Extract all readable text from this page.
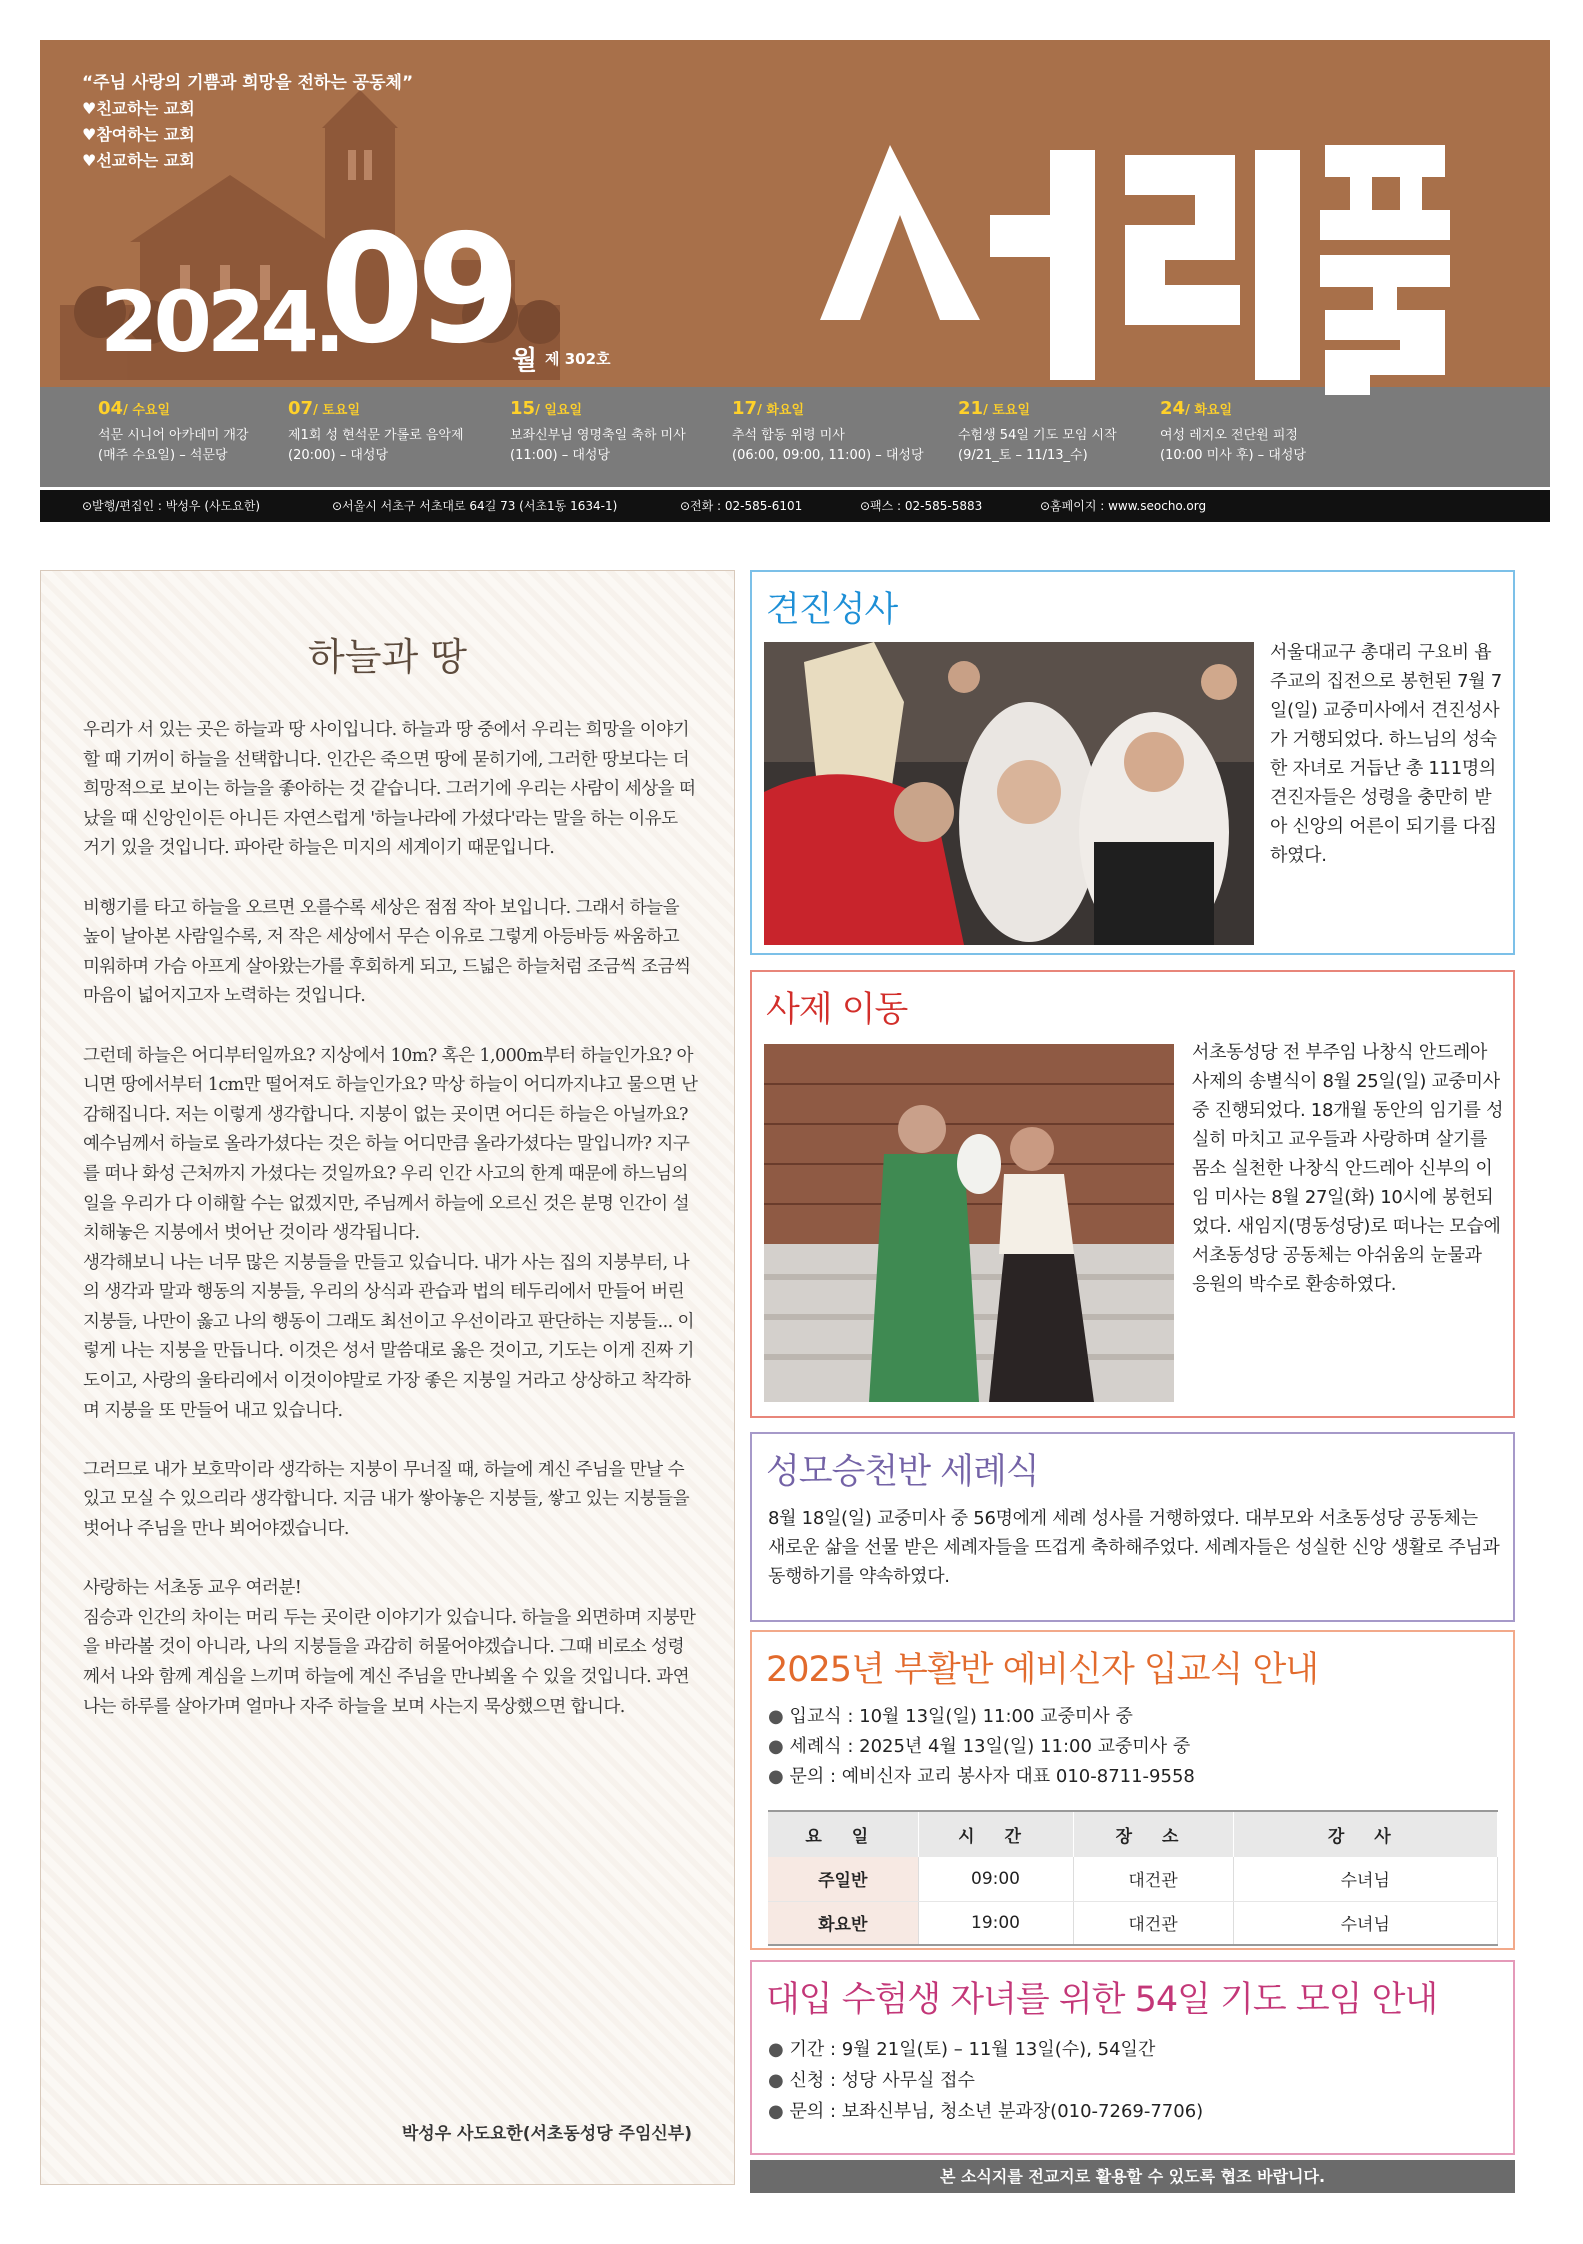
“주님 사랑의 기쁨과 희망을 전하는 공동체”
♥친교하는 교회
♥참여하는 교회
♥선교하는 교회
2024.
09 월 제 302호
04/ 수요일
석문 시니어 아카데미 개강
(매주 수요일) – 석문당
07/ 토요일
제1회 성 현석문 가롤로 음악제
(20:00) – 대성당
15/ 일요일
보좌신부님 영명축일 축하 미사
(11:00) – 대성당
17/ 화요일
추석 합동 위령 미사
(06:00, 09:00, 11:00) – 대성당
21/ 토요일
수험생 54일 기도 모임 시작
(9/21_토 – 11/13_수)
24/ 화요일
여성 레지오 전단원 피정
(10:00 미사 후) – 대성당
⊙발행/편집인 : 박성우 (사도요한)	⊙서울시 서초구 서초대로 64길 73 (서초1동 1634-1)	⊙전화 : 02-585-6101	⊙팩스 : 02-585-5883	⊙홈페이지 : www.seocho.org
하늘과 땅

우리가 서 있는 곳은 하늘과 땅 사이입니다. 하늘과 땅 중에서 우리는 희망을 이야기할 때 기꺼이 하늘을 선택합니다. 인간은 죽으면 땅에 묻히기에, 그러한 땅보다는 더 희망적으로 보이는 하늘을 좋아하는 것 같습니다. 그러기에 우리는 사람이 세상을 떠났을 때 신앙인이든 아니든 자연스럽게 '하늘나라에 가셨다'라는 말을 하는 이유도 거기 있을 것입니다. 파아란 하늘은 미지의 세계이기 때문입니다.

비행기를 타고 하늘을 오르면 오를수록 세상은 점점 작아 보입니다. 그래서 하늘을 높이 날아본 사람일수록, 저 작은 세상에서 무슨 이유로 그렇게 아등바등 싸움하고 미워하며 가슴 아프게 살아왔는가를 후회하게 되고, 드넓은 하늘처럼 조금씩 조금씩 마음이 넓어지고자 노력하는 것입니다.

그런데 하늘은 어디부터일까요? 지상에서 10m? 혹은 1,000m부터 하늘인가요? 아니면 땅에서부터 1cm만 떨어져도 하늘인가요? 막상 하늘이 어디까지냐고 물으면 난감해집니다. 저는 이렇게 생각합니다. 지붕이 없는 곳이면 어디든 하늘은 아닐까요? 예수님께서 하늘로 올라가셨다는 것은 하늘 어디만큼 올라가셨다는 말입니까? 지구를 떠나 화성 근처까지 가셨다는 것일까요? 우리 인간 사고의 한계 때문에 하느님의 일을 우리가 다 이해할 수는 없겠지만, 주님께서 하늘에 오르신 것은 분명 인간이 설치해놓은 지붕에서 벗어난 것이라 생각됩니다.

생각해보니 나는 너무 많은 지붕들을 만들고 있습니다. 내가 사는 집의 지붕부터, 나의 생각과 말과 행동의 지붕들, 우리의 상식과 관습과 법의 테두리에서 만들어 버린 지붕들, 나만이 옳고 나의 행동이 그래도 최선이고 우선이라고 판단하는 지붕들... 이렇게 나는 지붕을 만듭니다. 이것은 성서 말씀대로 옳은 것이고, 기도는 이게 진짜 기도이고, 사랑의 울타리에서 이것이야말로 가장 좋은 지붕일 거라고 상상하고 착각하며 지붕을 또 만들어 내고 있습니다.

그러므로 내가 보호막이라 생각하는 지붕이 무너질 때, 하늘에 계신 주님을 만날 수 있고 모실 수 있으리라 생각합니다. 지금 내가 쌓아놓은 지붕들, 쌓고 있는 지붕들을 벗어나 주님을 만나 뵈어야겠습니다.

사랑하는 서초동 교우 여러분!

짐승과 인간의 차이는 머리 두는 곳이란 이야기가 있습니다. 하늘을 외면하며 지붕만을 바라볼 것이 아니라, 나의 지붕들을 과감히 허물어야겠습니다. 그때 비로소 성령께서 나와 함께 계심을 느끼며 하늘에 계신 주님을 만나뵈올 수 있을 것입니다. 과연 나는 하루를 살아가며 얼마나 자주 하늘을 보며 사는지 묵상했으면 합니다.

박성우 사도요한(서초동성당 주임신부)
견진성사
서울대교구 총대리 구요비 욥 주교의 집전으로 봉헌된 7월 7일(일) 교중미사에서 견진성사가 거행되었다. 하느님의 성숙한 자녀로 거듭난 총 111명의 견진자들은 성령을 충만히 받아 신앙의 어른이 되기를 다짐하였다.
사제 이동
서초동성당 전 부주임 나창식 안드레아 사제의 송별식이 8월 25일(일) 교중미사 중 진행되었다. 18개월 동안의 임기를 성실히 마치고 교우들과 사랑하며 살기를 몸소 실천한 나창식 안드레아 신부의 이임 미사는 8월 27일(화) 10시에 봉헌되었다. 새임지(명동성당)로 떠나는 모습에 서초동성당 공동체는 아쉬움의 눈물과 응원의 박수로 환송하였다.
성모승천반 세례식
8월 18일(일) 교중미사 중 56명에게 세례 성사를 거행하였다. 대부모와 서초동성당 공동체는 새로운 삶을 선물 받은 세례자들을 뜨겁게 축하해주었다. 세례자들은 성실한 신앙 생활로 주님과 동행하기를 약속하였다.
2025년 부활반 예비신자 입교식 안내
● 입교식 : 10월 13일(일) 11:00 교중미사 중
● 세례식 : 2025년 4월 13일(일) 11:00 교중미사 중
● 문의 : 예비신자 교리 봉사자 대표 010-8711-9558
요 일	시 간	장 소	강 사
주일반	09:00	대건관	수녀님
화요반	19:00	대건관	수녀님
대입 수험생 자녀를 위한 54일 기도 모임 안내
● 기간 : 9월 21일(토) – 11월 13일(수), 54일간
● 신청 : 성당 사무실 접수
● 문의 : 보좌신부님, 청소년 분과장(010-7269-7706)
본 소식지를 전교지로 활용할 수 있도록 협조 바랍니다.
